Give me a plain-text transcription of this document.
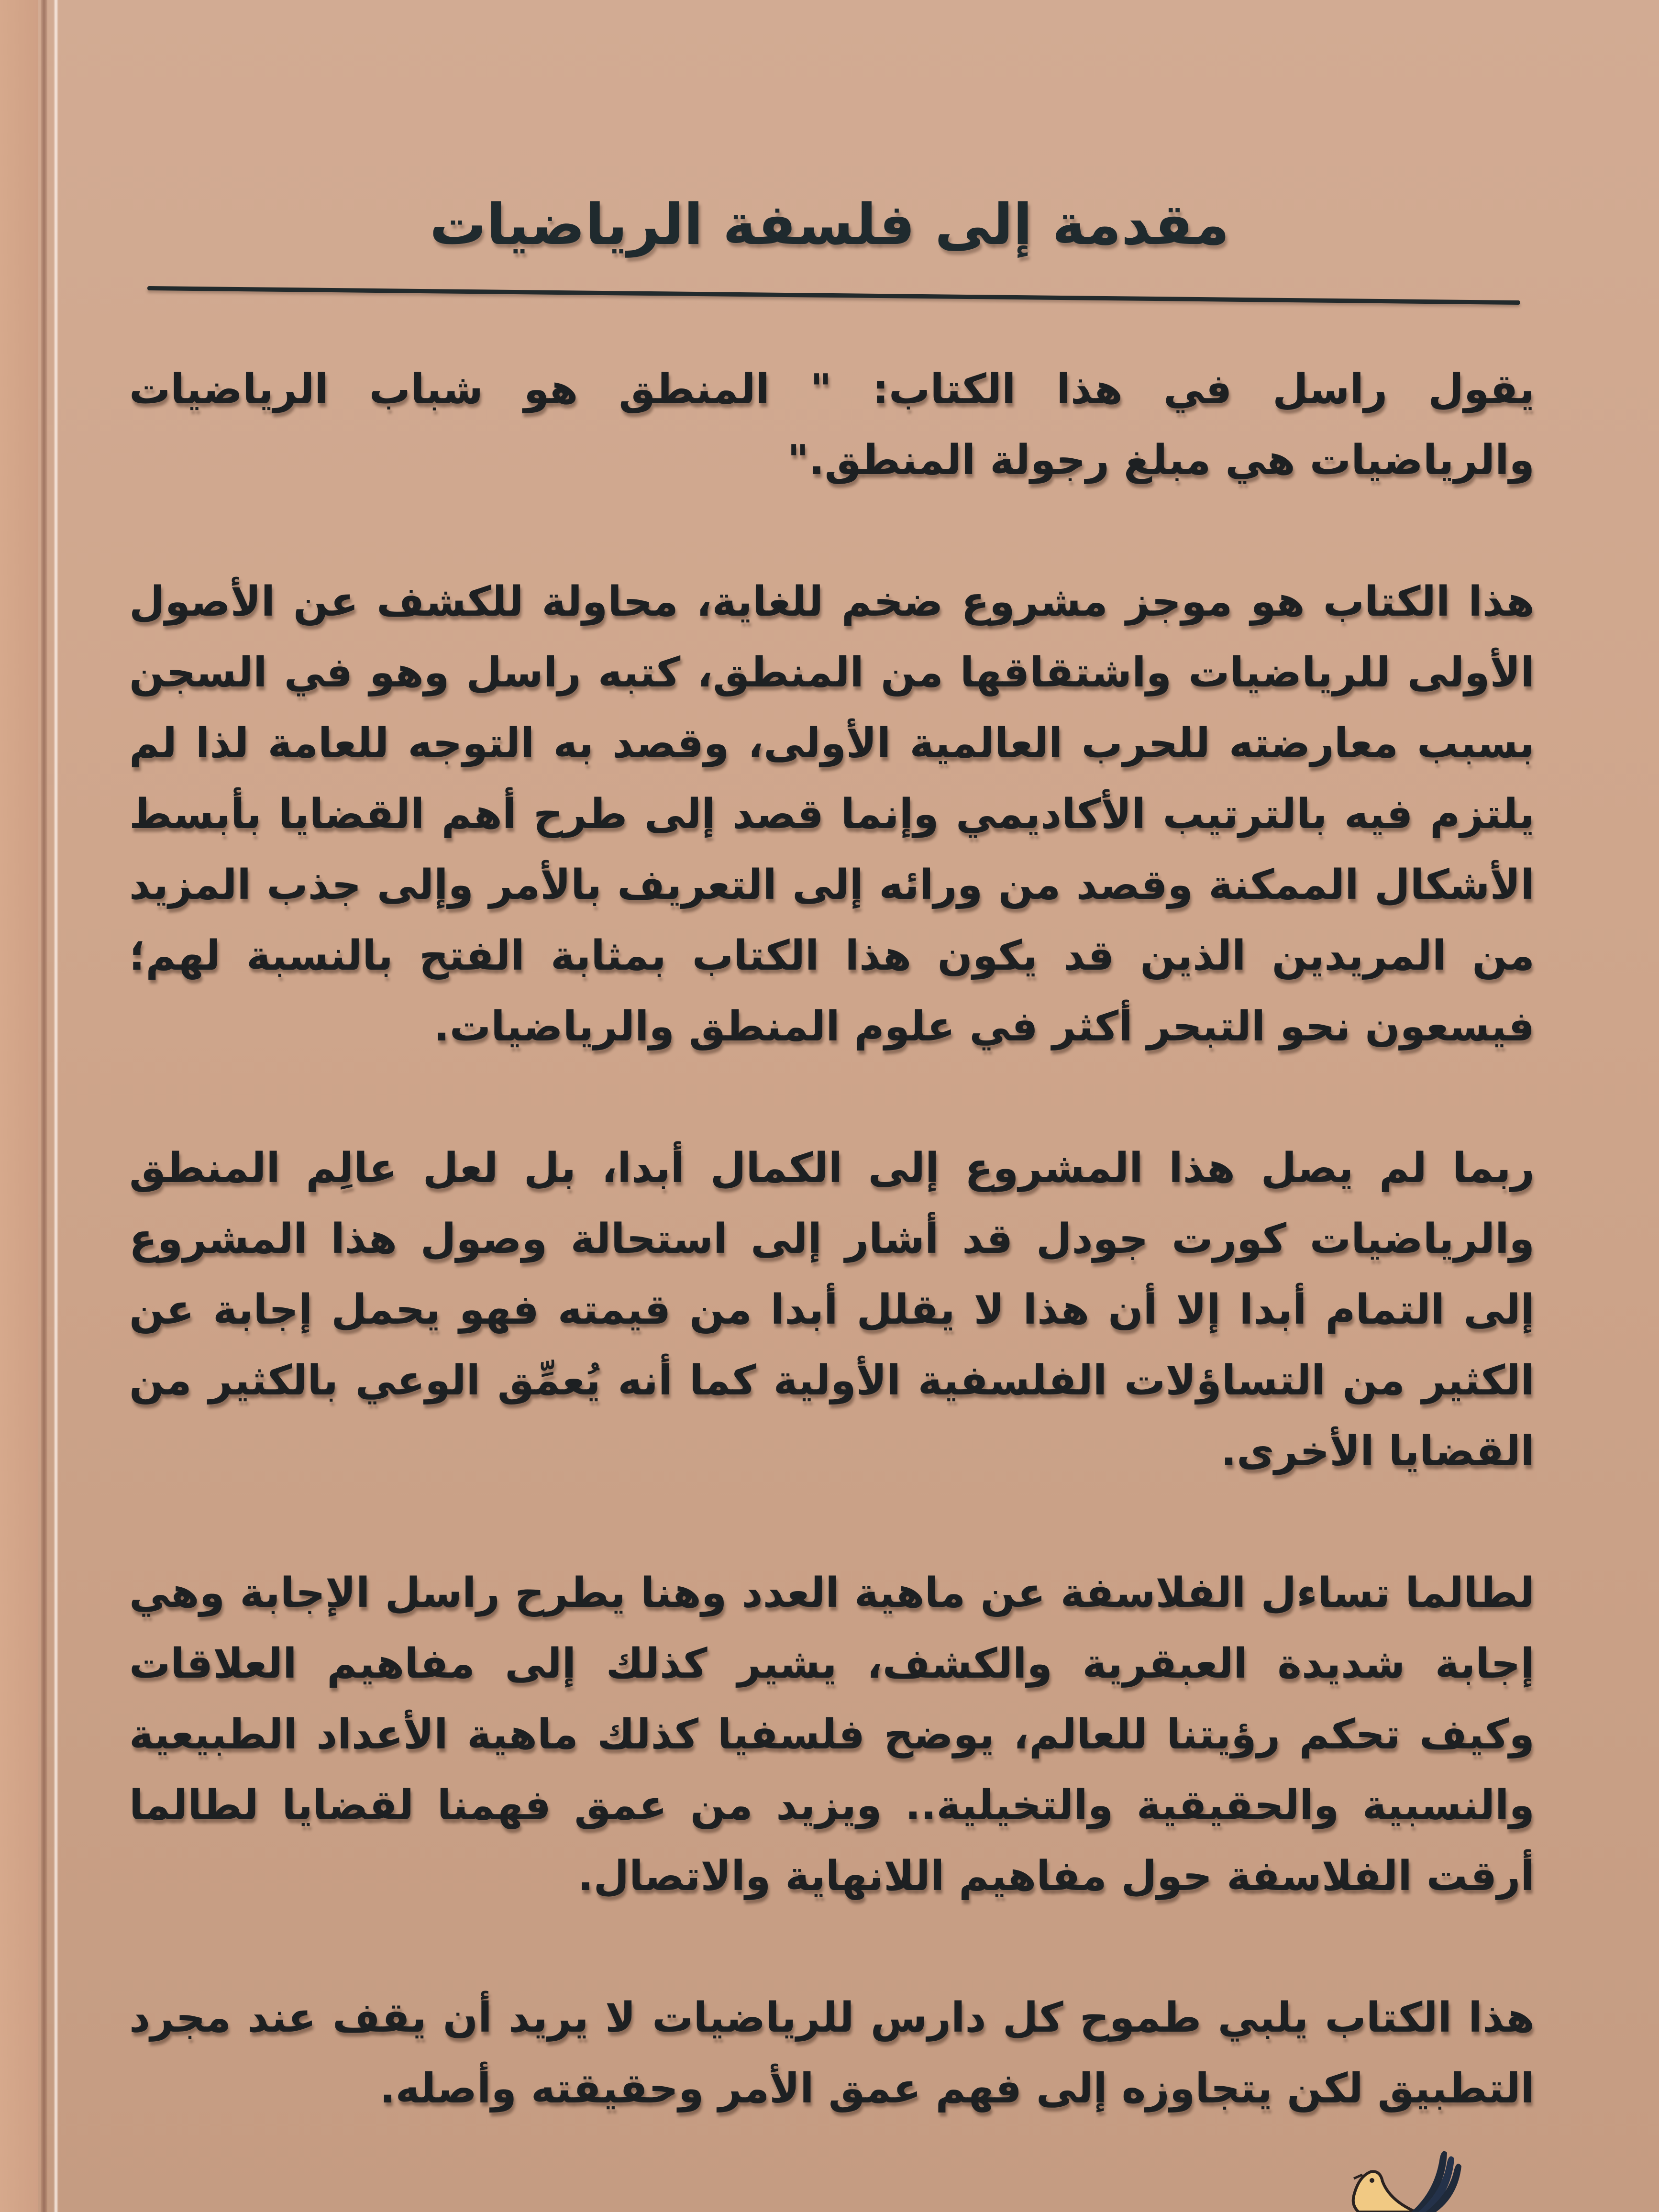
مقدمة إلى فلسفة الرياضيات

يقول راسل في هذا الكتاب: " المنطق هو شباب الرياضيات والرياضيات هي مبلغ رجولة المنطق."

هذا الكتاب هو موجز مشروع ضخم للغاية، محاولة للكشف عن الأصول الأولى للرياضيات واشتقاقها من المنطق، كتبه راسل وهو في السجن بسبب معارضته للحرب العالمية الأولى، وقصد به التوجه للعامة لذا لم يلتزم فيه بالترتيب الأكاديمي وإنما قصد إلى طرح أهم القضايا بأبسط الأشكال الممكنة وقصد من ورائه إلى التعريف بالأمر وإلى جذب المزيد من المريدين الذين قد يكون هذا الكتاب بمثابة الفتح بالنسبة لهم؛ فيسعون نحو التبحر أكثر في علوم المنطق والرياضيات.

ربما لم يصل هذا المشروع إلى الكمال أبدا، بل لعل عالِم المنطق والرياضيات كورت جودل قد أشار إلى استحالة وصول هذا المشروع إلى التمام أبدا إلا أن هذا لا يقلل أبدا من قيمته فهو يحمل إجابة عن الكثير من التساؤلات الفلسفية الأولية كما أنه يُعمِّق الوعي بالكثير من القضايا الأخرى.

لطالما تساءل الفلاسفة عن ماهية العدد وهنا يطرح راسل الإجابة وهي إجابة شديدة العبقرية والكشف، يشير كذلك إلى مفاهيم العلاقات وكيف تحكم رؤيتنا للعالم، يوضح فلسفيا كذلك ماهية الأعداد الطبيعية والنسبية والحقيقية والتخيلية.. ويزيد من عمق فهمنا لقضايا لطالما أرقت الفلاسفة حول مفاهيم اللانهاية والاتصال.

هذا الكتاب يلبي طموح كل دارس للرياضيات لا يريد أن يقف عند مجرد التطبيق لكن يتجاوزه إلى فهم عمق الأمر وحقيقته وأصله.
